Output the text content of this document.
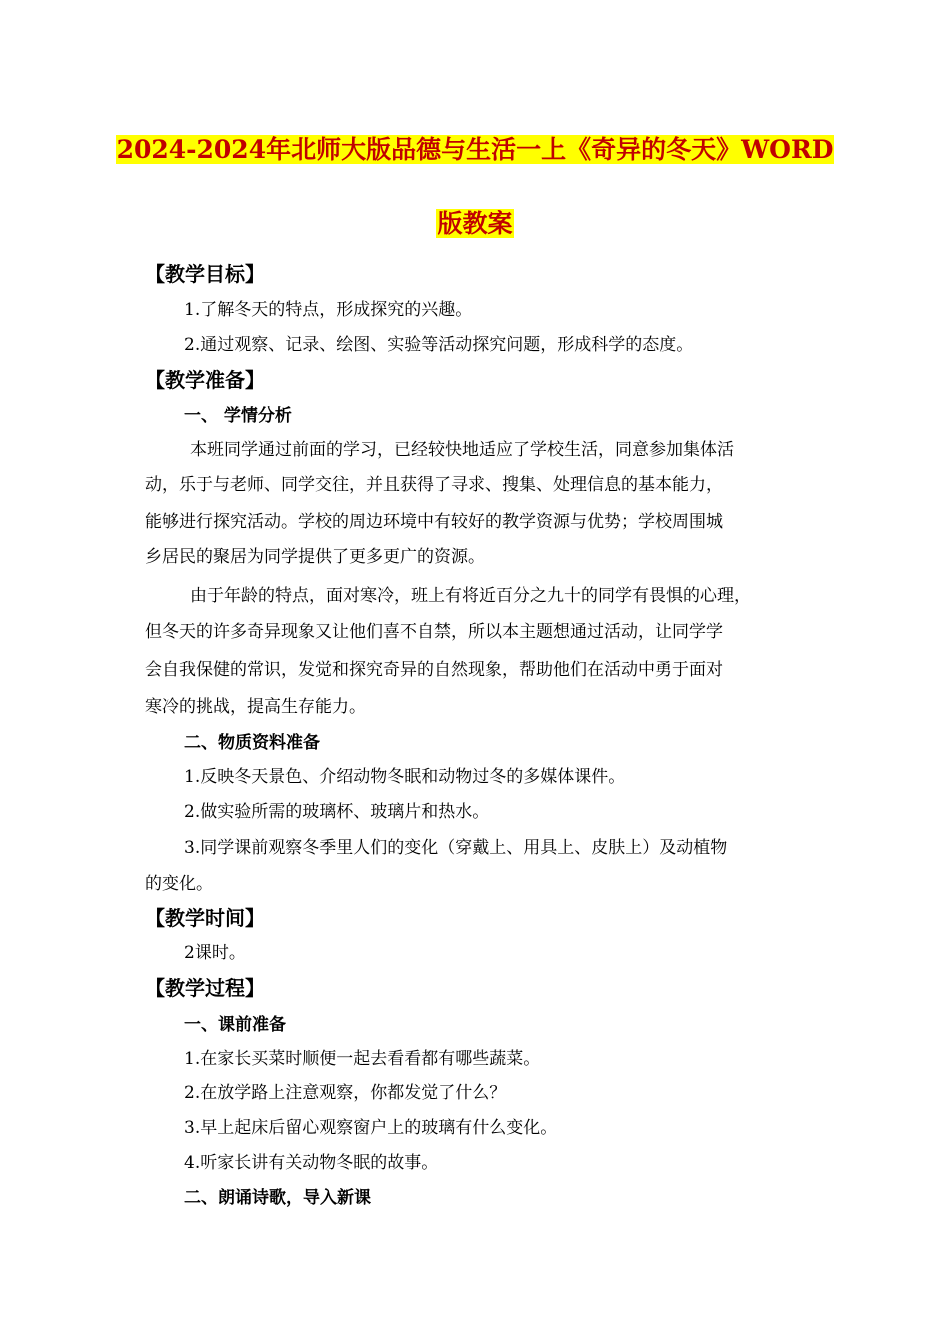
2024-2024年北师大版品德与生活一上《奇异的冬天》WORD
版教案
【教学目标】
1.了解冬天的特点，形成探究的兴趣。
2.通过观察、记录、绘图、实验等活动探究问题，形成科学的态度。
【教学准备】
一、 学情分析
本班同学通过前面的学习，已经较快地适应了学校生活，同意参加集体活
动，乐于与老师、同学交往，并且获得了寻求、搜集、处理信息的基本能力，
能够进行探究活动。学校的周边环境中有较好的教学资源与优势；学校周围城
乡居民的聚居为同学提供了更多更广的资源。
由于年龄的特点，面对寒冷，班上有将近百分之九十的同学有畏惧的心理，
但冬天的许多奇异现象又让他们喜不自禁，所以本主题想通过活动，让同学学
会自我保健的常识，发觉和探究奇异的自然现象，帮助他们在活动中勇于面对
寒冷的挑战，提高生存能力。
二、物质资料准备
1.反映冬天景色、介绍动物冬眠和动物过冬的多媒体课件。
2.做实验所需的玻璃杯、玻璃片和热水。
3.同学课前观察冬季里人们的变化（穿戴上、用具上、皮肤上）及动植物
的变化。
【教学时间】
2课时。
【教学过程】
一、课前准备
1.在家长买菜时顺便一起去看看都有哪些蔬菜。
2.在放学路上注意观察，你都发觉了什么？
3.早上起床后留心观察窗户上的玻璃有什么变化。
4.听家长讲有关动物冬眠的故事。
二、朗诵诗歌，导入新课
